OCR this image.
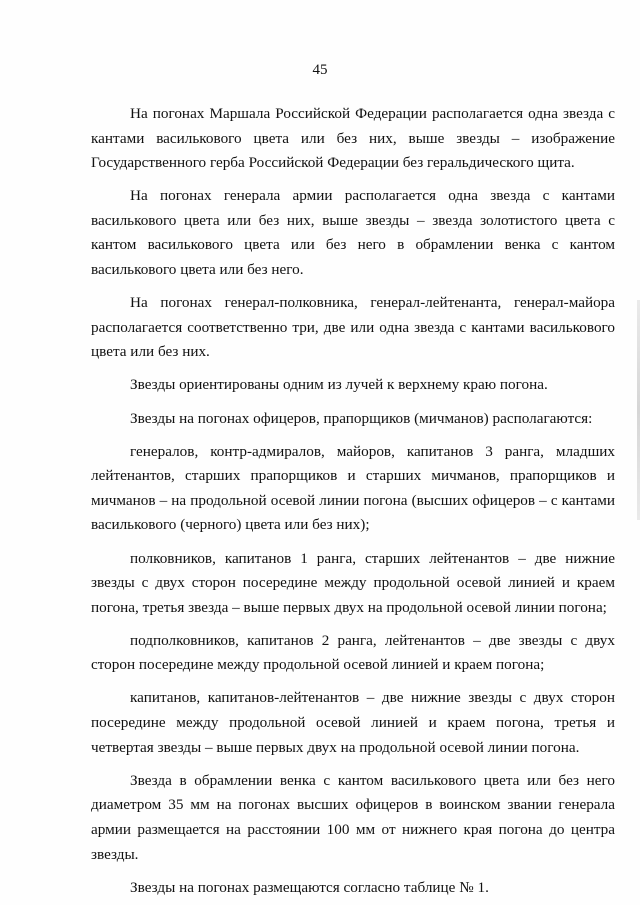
45

На погонах Маршала Российской Федерации располагается одна звезда с кантами василькового цвета или без них, выше звезды – изображение Государственного герба Российской Федерации без геральдического щита.

На погонах генерала армии располагается одна звезда с кантами василькового цвета или без них, выше звезды – звезда золотистого цвета с кантом василькового цвета или без него в обрамлении венка с кантом василькового цвета или без него.

На погонах генерал-полковника, генерал-лейтенанта, генерал-майора располагается соответственно три, две или одна звезда с кантами василькового цвета или без них.

Звезды ориентированы одним из лучей к верхнему краю погона.

Звезды на погонах офицеров, прапорщиков (мичманов) располагаются:

генералов, контр-адмиралов, майоров, капитанов 3 ранга, младших лейтенантов, старших прапорщиков и старших мичманов, прапорщиков и мичманов – на продольной осевой линии погона (высших офицеров – с кантами василькового (черного) цвета или без них);

полковников, капитанов 1 ранга, старших лейтенантов – две нижние звезды с двух сторон посередине между продольной осевой линией и краем погона, третья звезда – выше первых двух на продольной осевой линии погона;

подполковников, капитанов 2 ранга, лейтенантов – две звезды с двух сторон посередине между продольной осевой линией и краем погона;

капитанов, капитанов-лейтенантов – две нижние звезды с двух сторон посередине между продольной осевой линией и краем погона, третья и четвертая звезды – выше первых двух на продольной осевой линии погона.

Звезда в обрамлении венка с кантом василькового цвета или без него диаметром 35 мм на погонах высших офицеров в воинском звании генерала армии размещается на расстоянии 100 мм от нижнего края погона до центра звезды.

Звезды на погонах размещаются согласно таблице № 1.
